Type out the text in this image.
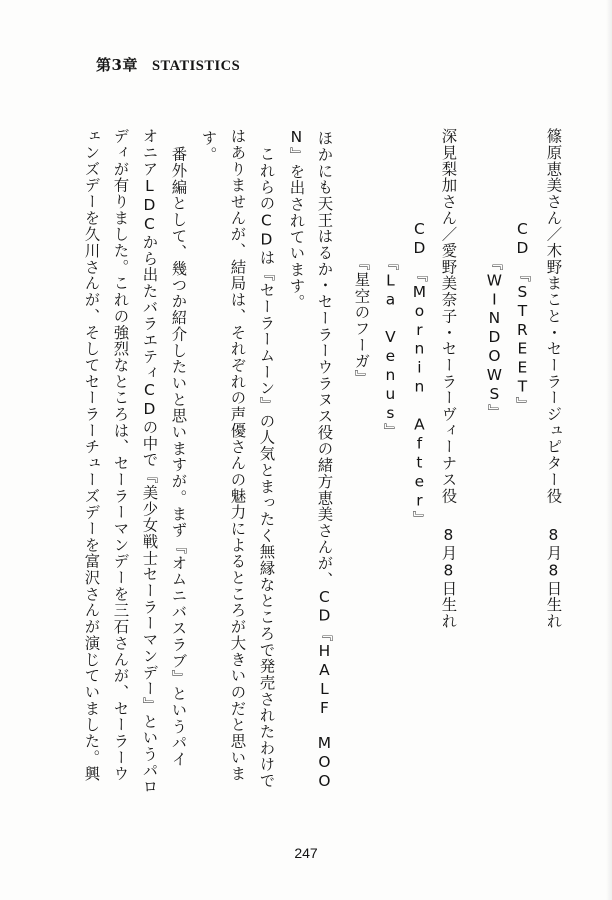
第3章 STATISTICS
篠原恵美さん／木野まこと・セーラージュピター役8月8日生れ
CD　『STREET』
『WINDOWS』
深見梨加さん／愛野美奈子・セーラーヴィーナス役8月8日生れ
CD　『Mornin After』
『La Venus』
『星空のフーガ』
ほかにも天王はるか・セーラーウラヌス役の緒方恵美さんが、CD『HALF　MOO
N』を出されています。
これらのCDは『セーラームーン』の人気とまったく無縁なところで発売されたわけで
はありませんが、結局は、それぞれの声優さんの魅力によるところが大きいのだと思いま
す。
番外編として、幾つか紹介したいと思いますが。まず『オムニバスラブ』というパイ
オニアLDCから出たバラエティCDの中で『美少女戦士セーラーマンデー』というパロ
ディが有りました。これの強烈なところは、セーラーマンデーを三石さんが、セーラーウ
ェンズデーを久川さんが、そしてセーラーチューズデーを富沢さんが演じていました。興
247
